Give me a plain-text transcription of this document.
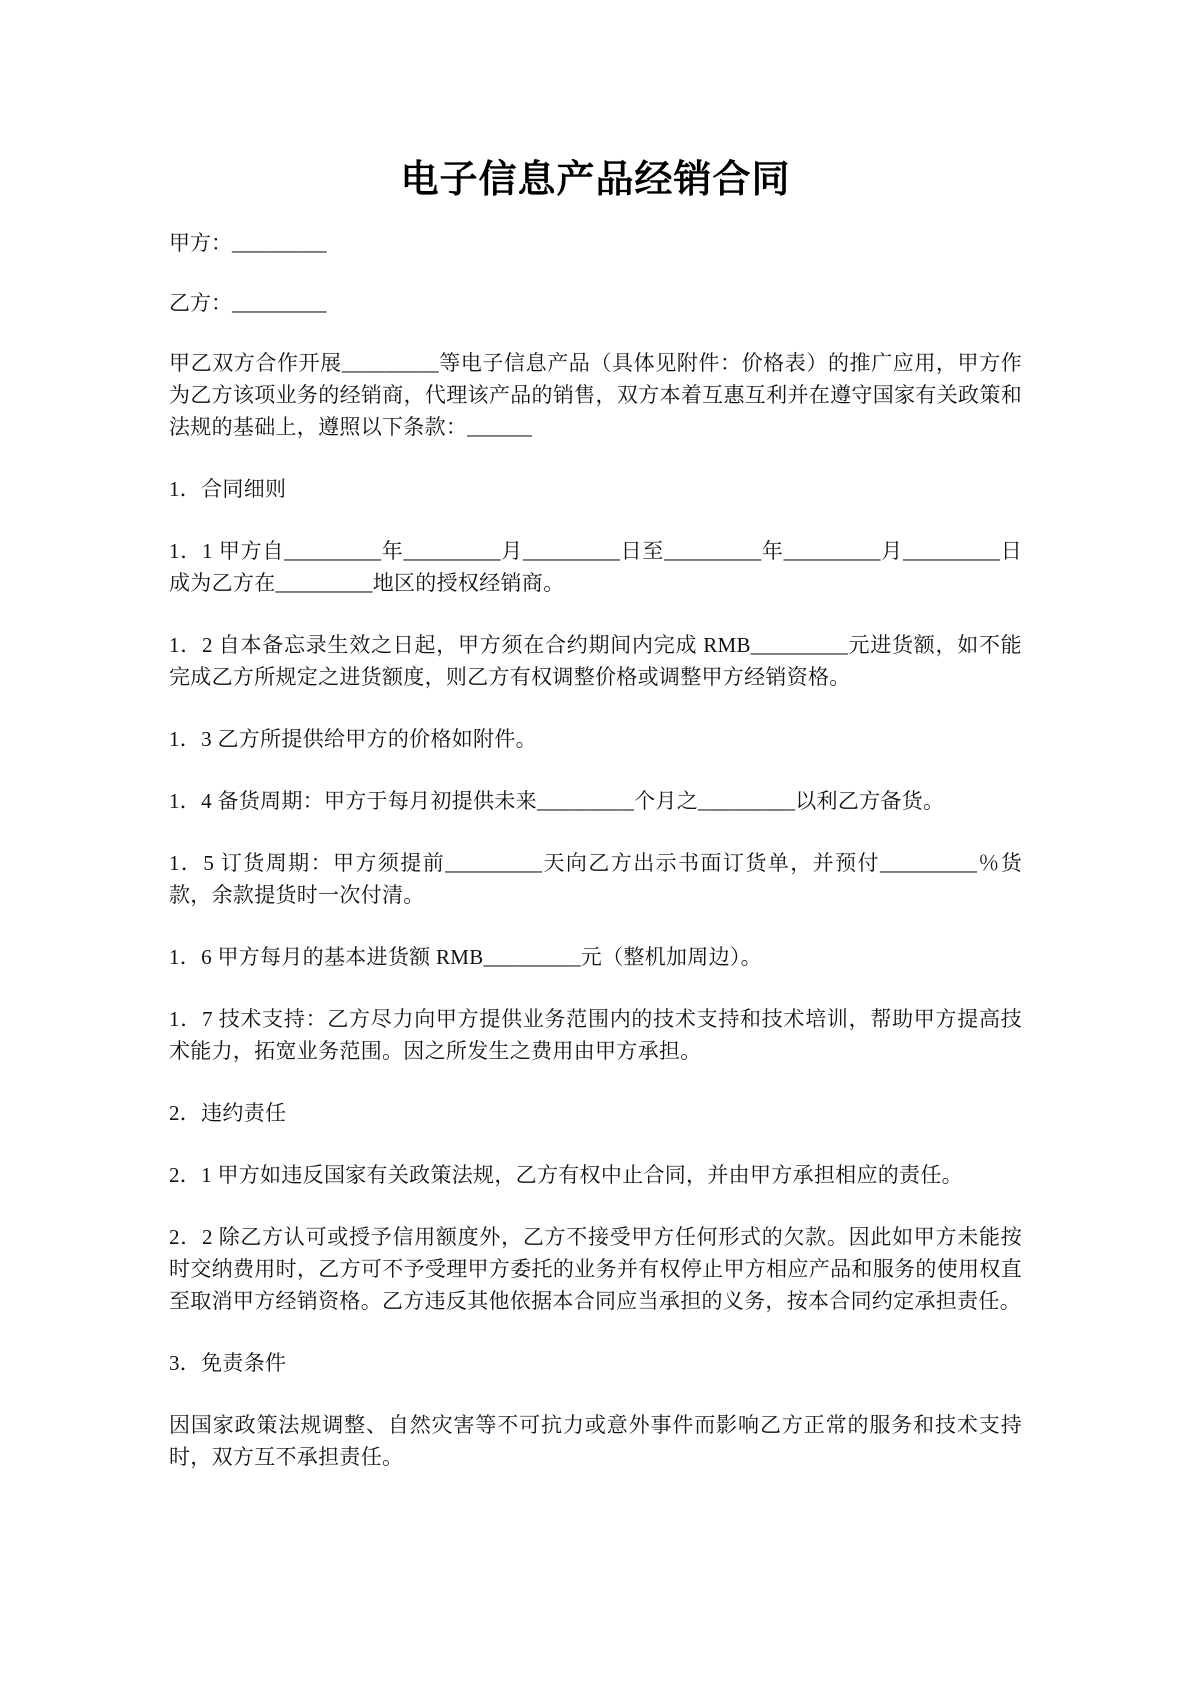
电子信息产品经销合同

甲方：_________

乙方：_________

甲乙双方合作开展_________等电子信息产品（具体见附件：价格表）的推广应用，甲方作为乙方该项业务的经销商，代理该产品的销售，双方本着互惠互利并在遵守国家有关政策和法规的基础上，遵照以下条款：______

1．合同细则

1．1 甲方自_________年_________月_________日至_________年_________月_________日成为乙方在_________地区的授权经销商。

1．2 自本备忘录生效之日起，甲方须在合约期间内完成 RMB_________元进货额，如不能完成乙方所规定之进货额度，则乙方有权调整价格或调整甲方经销资格。

1．3 乙方所提供给甲方的价格如附件。

1．4 备货周期：甲方于每月初提供未来_________个月之_________以利乙方备货。

1．5 订货周期：甲方须提前_________天向乙方出示书面订货单，并预付_________％货款，余款提货时一次付清。

1．6 甲方每月的基本进货额 RMB_________元（整机加周边）。

1．7 技术支持：乙方尽力向甲方提供业务范围内的技术支持和技术培训，帮助甲方提高技术能力，拓宽业务范围。因之所发生之费用由甲方承担。

2．违约责任

2．1 甲方如违反国家有关政策法规，乙方有权中止合同，并由甲方承担相应的责任。

2．2 除乙方认可或授予信用额度外，乙方不接受甲方任何形式的欠款。因此如甲方未能按时交纳费用时，乙方可不予受理甲方委托的业务并有权停止甲方相应产品和服务的使用权直至取消甲方经销资格。乙方违反其他依据本合同应当承担的义务，按本合同约定承担责任。

3．免责条件

因国家政策法规调整、自然灾害等不可抗力或意外事件而影响乙方正常的服务和技术支持时，双方互不承担责任。
